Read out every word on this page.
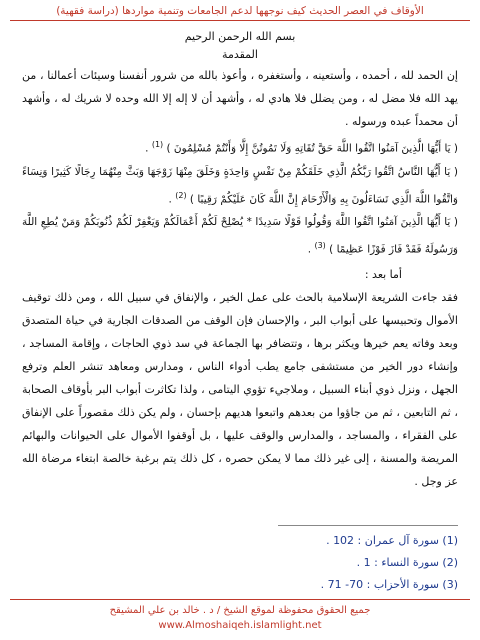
الأوقاف في العصر الحديث كيف نوجهها لدعم الجامعات وتنمية مواردها (دراسة فقهية)
بسم الله الرحمن الرحيم
المقدمة

إن الحمد لله ، أحمده ، وأستعينه ، وأستغفره ، وأعوذ بالله من شرور أنفسنا وسيئات أعمالنا ، من يهد الله فلا مضل له ، ومن يضلل فلا هادي له ، وأشهد أن لا إله إلا الله وحده لا شريك له ، وأشهد أن محمداً عبده ورسوله .

( يَا أَيُّهَا الَّذِينَ آمَنُوا اتَّقُوا اللَّهَ حَقَّ تُقَاتِهِ وَلَا تَمُوتُنَّ إِلَّا وَأَنْتُمْ مُسْلِمُونَ ) $^{(1)}$ .

( يَا أَيُّهَا النَّاسُ اتَّقُوا رَبَّكُمُ الَّذِي خَلَقَكُمْ مِنْ نَفْسٍ وَاحِدَةٍ وَخَلَقَ مِنْهَا زَوْجَهَا وَبَثَّ مِنْهُمَا رِجَالًا كَثِيرًا وَنِسَاءً وَاتَّقُوا اللَّهَ الَّذِي تَسَاءَلُونَ بِهِ وَالْأَرْحَامَ إِنَّ اللَّهَ كَانَ عَلَيْكُمْ رَقِيبًا ) $^{(2)}$ .

( يَا أَيُّهَا الَّذِينَ آمَنُوا اتَّقُوا اللَّهَ وَقُولُوا قَوْلًا سَدِيدًا * يُصْلِحْ لَكُمْ أَعْمَالَكُمْ وَيَغْفِرْ لَكُمْ ذُنُوبَكُمْ وَمَنْ يُطِعِ اللَّهَ وَرَسُولَهُ فَقَدْ فَازَ فَوْزًا عَظِيمًا ) $^{(3)}$ .

أما بعد :

فقد جاءت الشريعة الإسلامية بالحث على عمل الخير ، والإنفاق في سبيل الله ، ومن ذلك توقيف الأموال وتحبيسها على أبواب البر ، والإحسان فإن الوقف من الصدقات الجارية في حياة المتصدق وبعد وفاته يعم خيرها ويكثر برها ، وتتضافر بها الجماعة في سد ذوي الحاجات ، وإقامة المساجد ، وإنشاء دور الخير من مستشفى جامع يطب أدواء الناس ، ومدارس ومعاهد تنشر العلم وترفع الجهل ، ونزل ذوي أبناء السبيل ، وملاجيء تؤوي اليتامى ، ولذا تكاثرت أبواب البر بأوقاف الصحابة ، ثم التابعين ، ثم من جاؤوا من بعدهم واتبعوا هديهم بإحسان ، ولم يكن ذلك مقصوراً على الإنفاق على الفقراء ، والمساجد ، والمدارس والوقف عليها ، بل أوقفوا الأموال على الحيوانات والبهائم المريضة والمسنة ، إلى غير ذلك مما لا يمكن حصره ، كل ذلك يتم برغبة خالصة ابتغاء مرضاة الله عز وجل .

(1) سورة آل عمران : 102 .
(2) سورة النساء : 1 .
(3) سورة الأحزاب : 70- 71 .
جميع الحقوق محفوظة لموقع الشيخ / د . خالد بن علي المشيقح
www.Almoshaiqeh.islamlight.net
